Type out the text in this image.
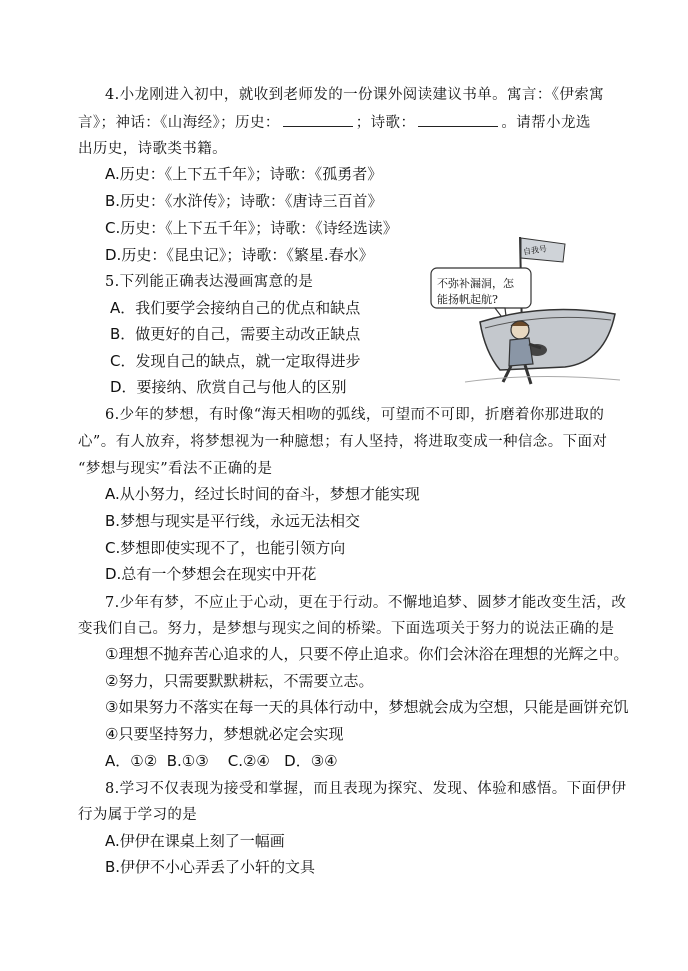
4.小龙刚进入初中，就收到老师发的一份课外阅读建议书单。寓言：《伊索寓
言》；神话：《山海经》；历史：	；诗歌：	。请帮小龙选
出历史，诗歌类书籍。
A.历史：《上下五千年》；诗歌：《孤勇者》
B.历史：《水浒传》；诗歌：《唐诗三百首》
C.历史：《上下五千年》；诗歌：《诗经选读》
D.历史：《昆虫记》；诗歌：《繁星.春水》
5.下列能正确表达漫画寓意的是
A．我们要学会接纳自己的优点和缺点
B．做更好的自己，需要主动改正缺点
C．发现自己的缺点，就一定取得进步
D．要接纳、欣赏自己与他人的区别
自我号
不弥补漏洞，怎
能扬帆起航?
6.少年的梦想，有时像“海天相吻的弧线，可望而不可即，折磨着你那进取的
心”。有人放弃，将梦想视为一种臆想；有人坚持，将进取变成一种信念。下面对
“梦想与现实”看法不正确的是
A.从小努力，经过长时间的奋斗，梦想才能实现
B.梦想与现实是平行线，永远无法相交
C.梦想即使实现不了，也能引领方向
D.总有一个梦想会在现实中开花
7.少年有梦，不应止于心动，更在于行动。不懈地追梦、圆梦才能改变生活，改
变我们自己。努力，是梦想与现实之间的桥梁。下面选项关于努力的说法正确的是
①理想不抛弃苦心追求的人，只要不停止追求。你们会沐浴在理想的光辉之中。
②努力，只需要默默耕耘，不需要立志。
③如果努力不落实在每一天的具体行动中，梦想就会成为空想，只能是画饼充饥
④只要坚持努力，梦想就必定会实现
A．①②  B.①③    C.②④   D．③④
8.学习不仅表现为接受和掌握，而且表现为探究、发现、体验和感悟。下面伊伊
行为属于学习的是
A.伊伊在课桌上刻了一幅画
B.伊伊不小心弄丢了小轩的文具
